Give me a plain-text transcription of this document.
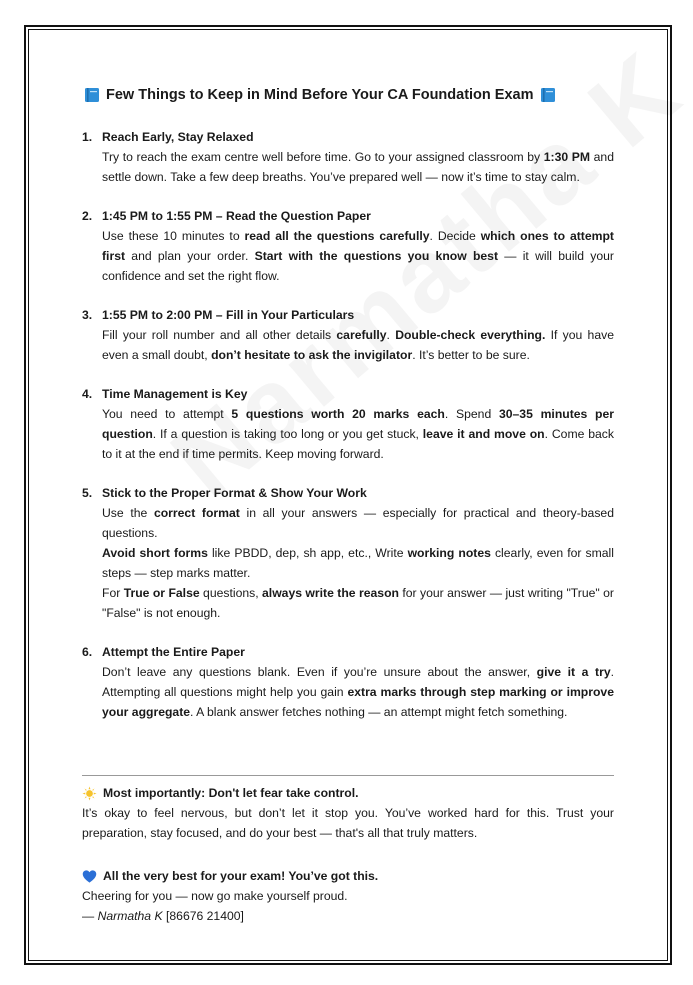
Few Things to Keep in Mind Before Your CA Foundation Exam
1. Reach Early, Stay Relaxed
Try to reach the exam centre well before time. Go to your assigned classroom by 1:30 PM and settle down. Take a few deep breaths. You’ve prepared well — now it’s time to stay calm.
2. 1:45 PM to 1:55 PM – Read the Question Paper
Use these 10 minutes to read all the questions carefully. Decide which ones to attempt first and plan your order. Start with the questions you know best — it will build your confidence and set the right flow.
3. 1:55 PM to 2:00 PM – Fill in Your Particulars
Fill your roll number and all other details carefully. Double-check everything. If you have even a small doubt, don’t hesitate to ask the invigilator. It’s better to be sure.
4. Time Management is Key
You need to attempt 5 questions worth 20 marks each. Spend 30–35 minutes per question. If a question is taking too long or you get stuck, leave it and move on. Come back to it at the end if time permits. Keep moving forward.
5. Stick to the Proper Format & Show Your Work
Use the correct format in all your answers — especially for practical and theory-based questions.
Avoid short forms like PBDD, dep, sh app, etc., Write working notes clearly, even for small steps — step marks matter.
For True or False questions, always write the reason for your answer — just writing "True" or "False" is not enough.
6. Attempt the Entire Paper
Don’t leave any questions blank. Even if you’re unsure about the answer, give it a try. Attempting all questions might help you gain extra marks through step marking or improve your aggregate. A blank answer fetches nothing — an attempt might fetch something.
Most importantly: Don't let fear take control.
It’s okay to feel nervous, but don’t let it stop you. You’ve worked hard for this. Trust your preparation, stay focused, and do your best — that's all that truly matters.
All the very best for your exam! You’ve got this.
Cheering for you — now go make yourself proud.
— Narmatha K [86676 21400]
